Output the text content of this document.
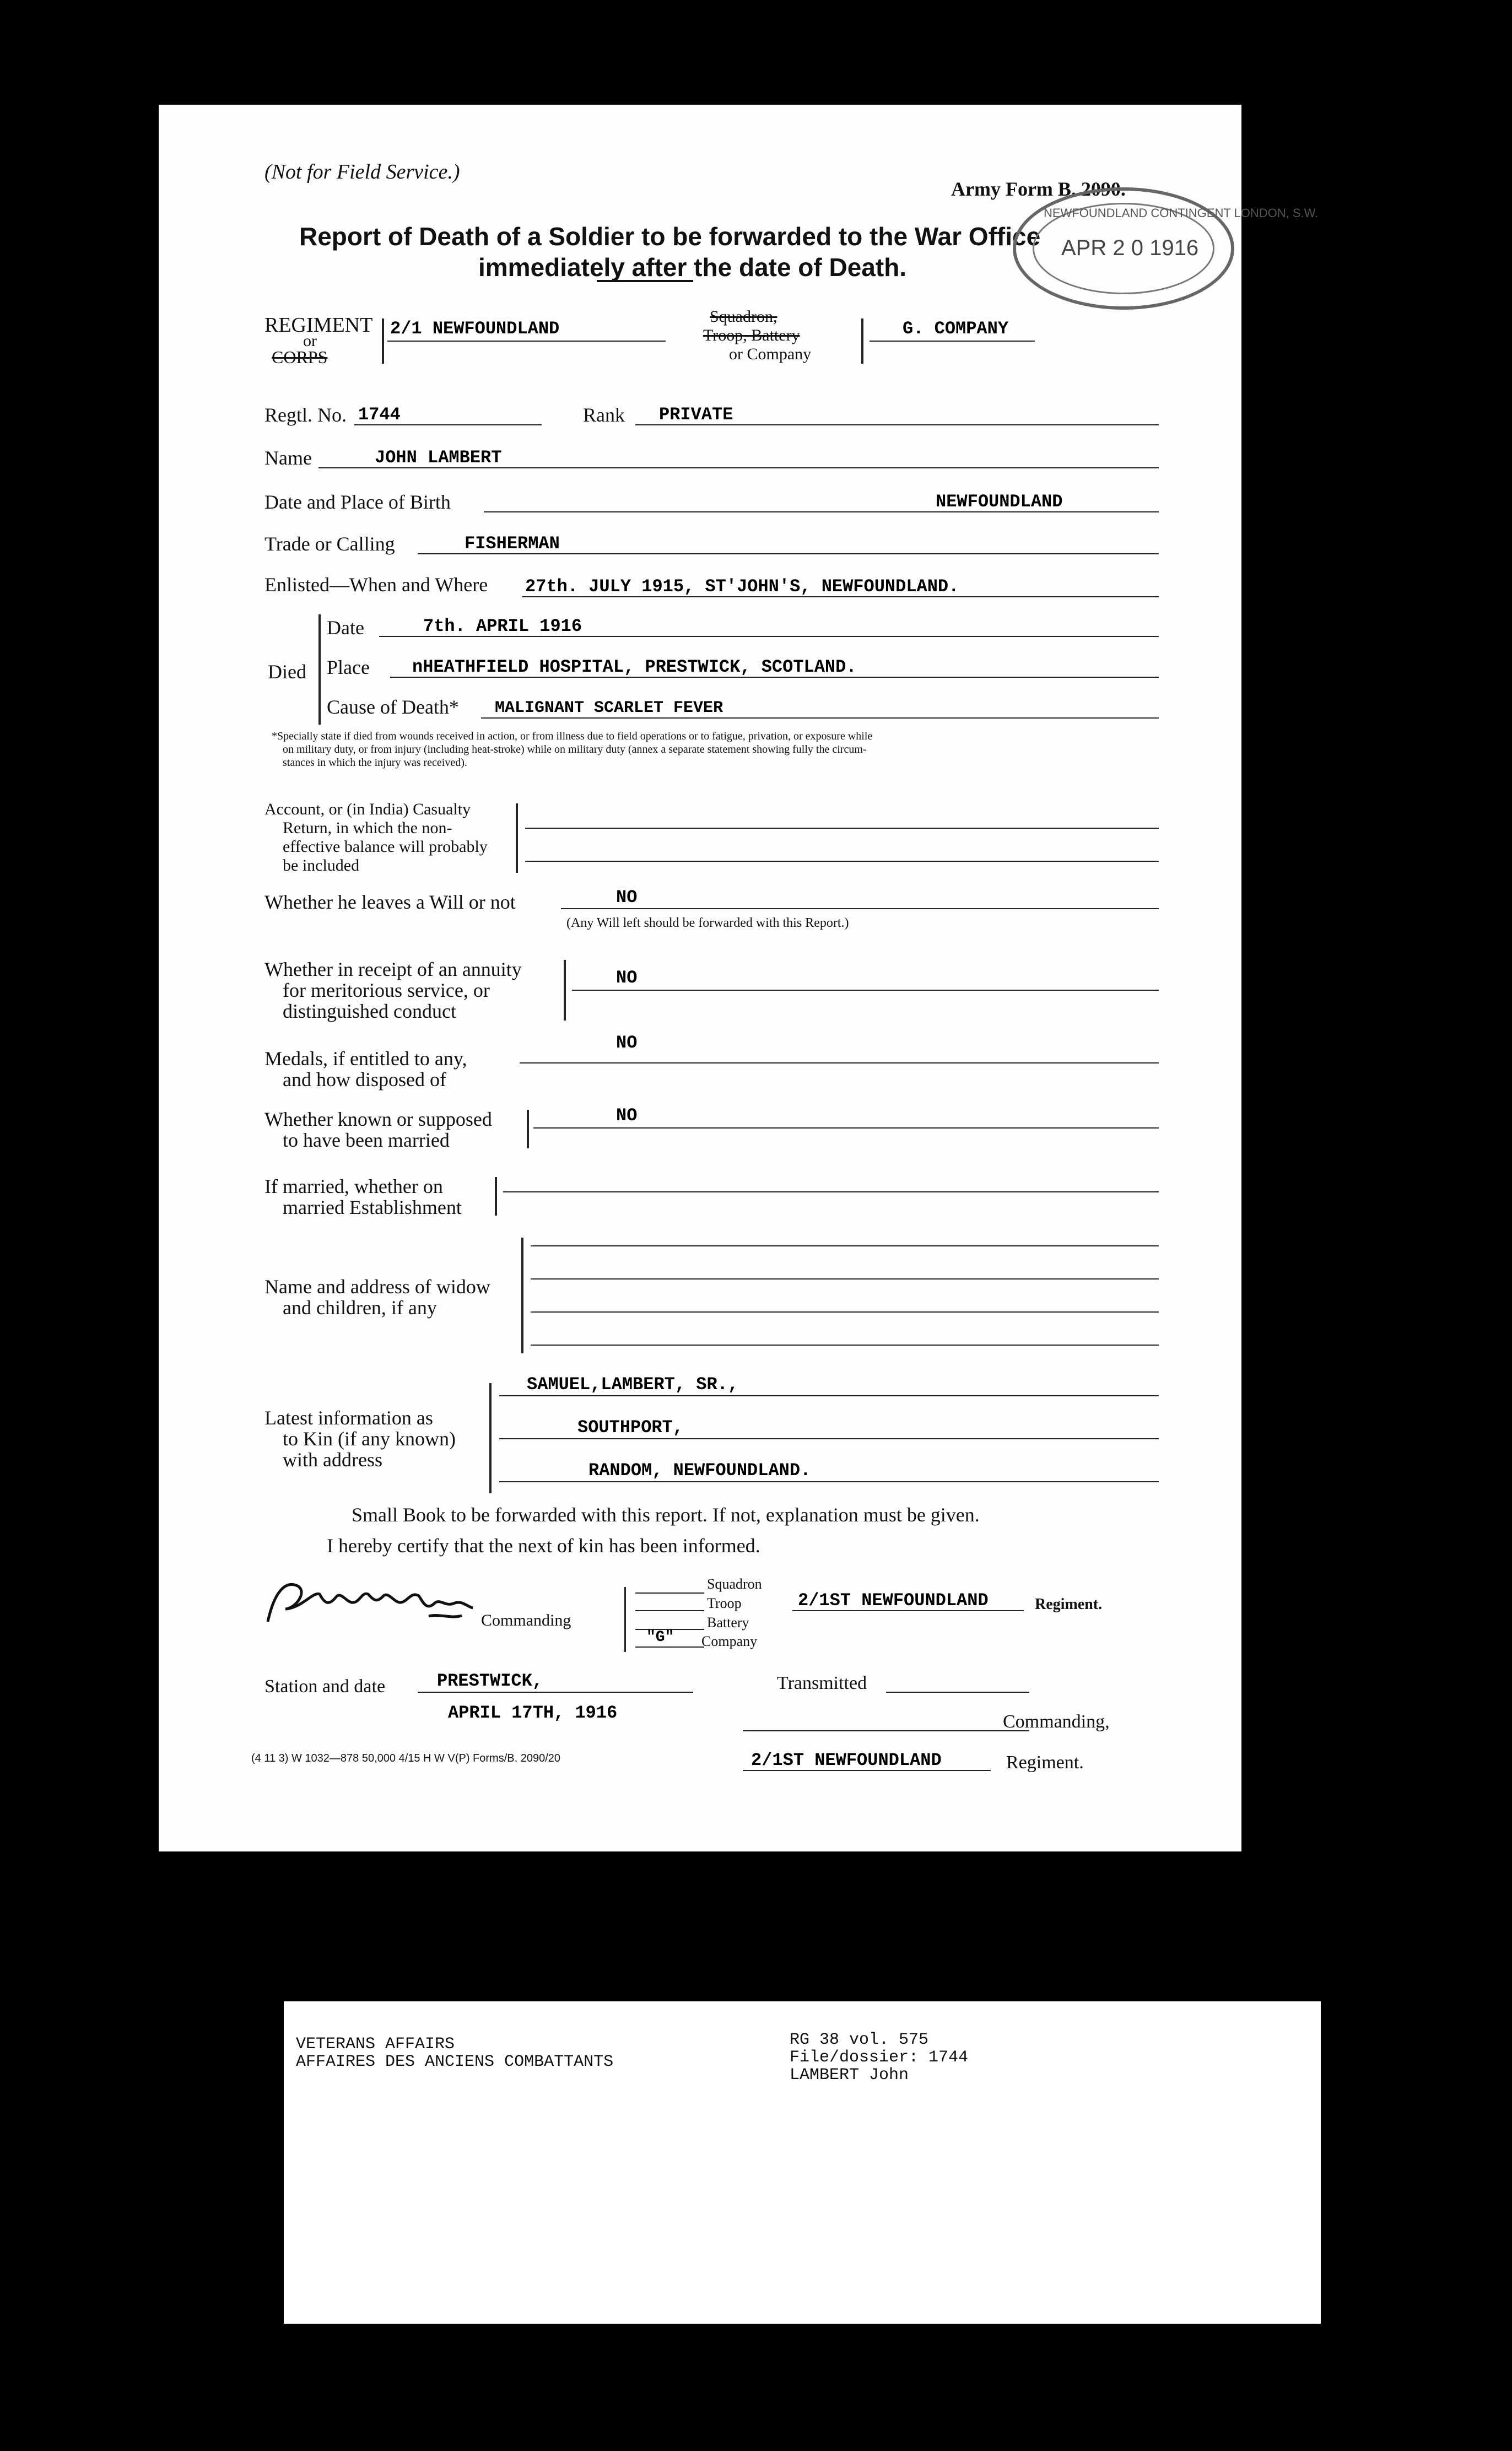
(Not for Field Service.)
Army Form B. 2090.
Report of Death of a Soldier to be forwarded to the War Office
immediately after the date of Death.
NEWFOUNDLAND CONTINGENT LONDON, S.W.
APR 2 0 1916
REGIMENT
or
CORPS
2/1 NEWFOUNDLAND
Squadron,
Troop, Battery
or Company
G. COMPANY
Regtl. No. 1744	Rank PRIVATE
Name	JOHN LAMBERT
Date and Place of Birth	NEWFOUNDLAND
Trade or Calling	FISHERMAN
Enlisted—When and Where 27th. JULY 1915, ST'JOHN'S, NEWFOUNDLAND.
Died
Date	7th. APRIL 1916
Place nHEATHFIELD HOSPITAL, PRESTWICK, SCOTLAND.
Cause of Death* MALIGNANT SCARLET FEVER
*Specially state if died from wounds received in action, or from illness due to field operations or to fatigue, privation, or exposure while
on military duty, or from injury (including heat-stroke) while on military duty (annex a separate statement showing fully the circum-
stances in which the injury was received).
Account, or (in India) Casualty
Return, in which the non-
effective balance will probably
be included
Whether he leaves a Will or not	NO
(Any Will left should be forwarded with this Report.)
Whether in receipt of an annuity
for meritorious service, or
distinguished conduct
NO
Medals, if entitled to any,
and how disposed of
NO
Whether known or supposed
to have been married
NO
If married, whether on
married Establishment
Name and address of widow
and children, if any
Latest information as
to Kin (if any known)
with address
SAMUEL,LAMBERT, SR.,
SOUTHPORT,
RANDOM, NEWFOUNDLAND.
Small Book to be forwarded with this report. If not, explanation must be given.
I hereby certify that the next of kin has been informed.
Commanding
Squadron
Troop
Battery
"G" Company
2/1ST NEWFOUNDLAND	Regiment.
Station and date	PRESTWICK,
APRIL 17TH, 1916
Transmitted
Commanding,
(4 11 3) W 1032—878 50,000 4/15 H W V(P) Forms/B. 2090/20	2/1ST NEWFOUNDLAND	Regiment.
VETERANS AFFAIRS
AFFAIRES DES ANCIENS COMBATTANTS
RG 38 vol. 575
File/dossier: 1744
LAMBERT John
